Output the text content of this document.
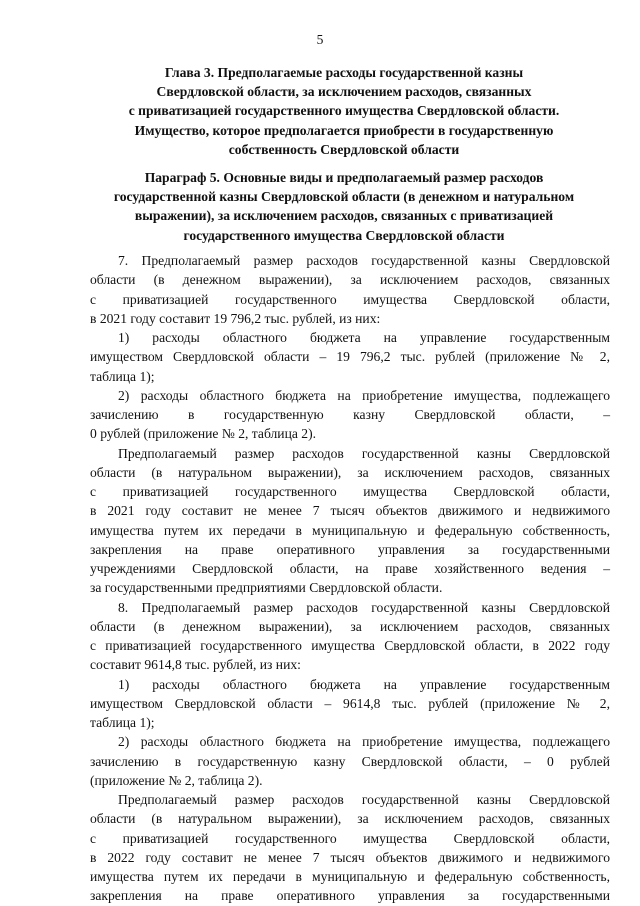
5
Глава 3. Предполагаемые расходы государственной казны
Свердловской области, за исключением расходов, связанных
с приватизацией государственного имущества Свердловской области.
Имущество, которое предполагается приобрести в государственную
собственность Свердловской области
Параграф 5. Основные виды и предполагаемый размер расходов
государственной казны Свердловской области (в денежном и натуральном
выражении), за исключением расходов, связанных с приватизацией
государственного имущества Свердловской области
7. Предполагаемый размер расходов государственной казны Свердловской
области (в денежном выражении), за исключением расходов, связанных
с приватизацией государственного имущества Свердловской области,
в 2021 году составит 19 796,2 тыс. рублей, из них:
1) расходы областного бюджета на управление государственным
имуществом Свердловской области – 19 796,2 тыс. рублей (приложение № 2,
таблица 1);
2) расходы областного бюджета на приобретение имущества, подлежащего
зачислению в государственную казну Свердловской области, –
0 рублей (приложение № 2, таблица 2).
Предполагаемый размер расходов государственной казны Свердловской
области (в натуральном выражении), за исключением расходов, связанных
с приватизацией государственного имущества Свердловской области,
в 2021 году составит не менее 7 тысяч объектов движимого и недвижимого
имущества путем их передачи в муниципальную и федеральную собственность,
закрепления на праве оперативного управления за государственными
учреждениями Свердловской области, на праве хозяйственного ведения –
за государственными предприятиями Свердловской области.
8. Предполагаемый размер расходов государственной казны Свердловской
области (в денежном выражении), за исключением расходов, связанных
с приватизацией государственного имущества Свердловской области, в 2022 году
составит 9614,8 тыс. рублей, из них:
1) расходы областного бюджета на управление государственным
имуществом Свердловской области – 9614,8 тыс. рублей (приложение № 2,
таблица 1);
2) расходы областного бюджета на приобретение имущества, подлежащего
зачислению в государственную казну Свердловской области, – 0 рублей
(приложение № 2, таблица 2).
Предполагаемый размер расходов государственной казны Свердловской
области (в натуральном выражении), за исключением расходов, связанных
с приватизацией государственного имущества Свердловской области,
в 2022 году составит не менее 7 тысяч объектов движимого и недвижимого
имущества путем их передачи в муниципальную и федеральную собственность,
закрепления на праве оперативного управления за государственными
